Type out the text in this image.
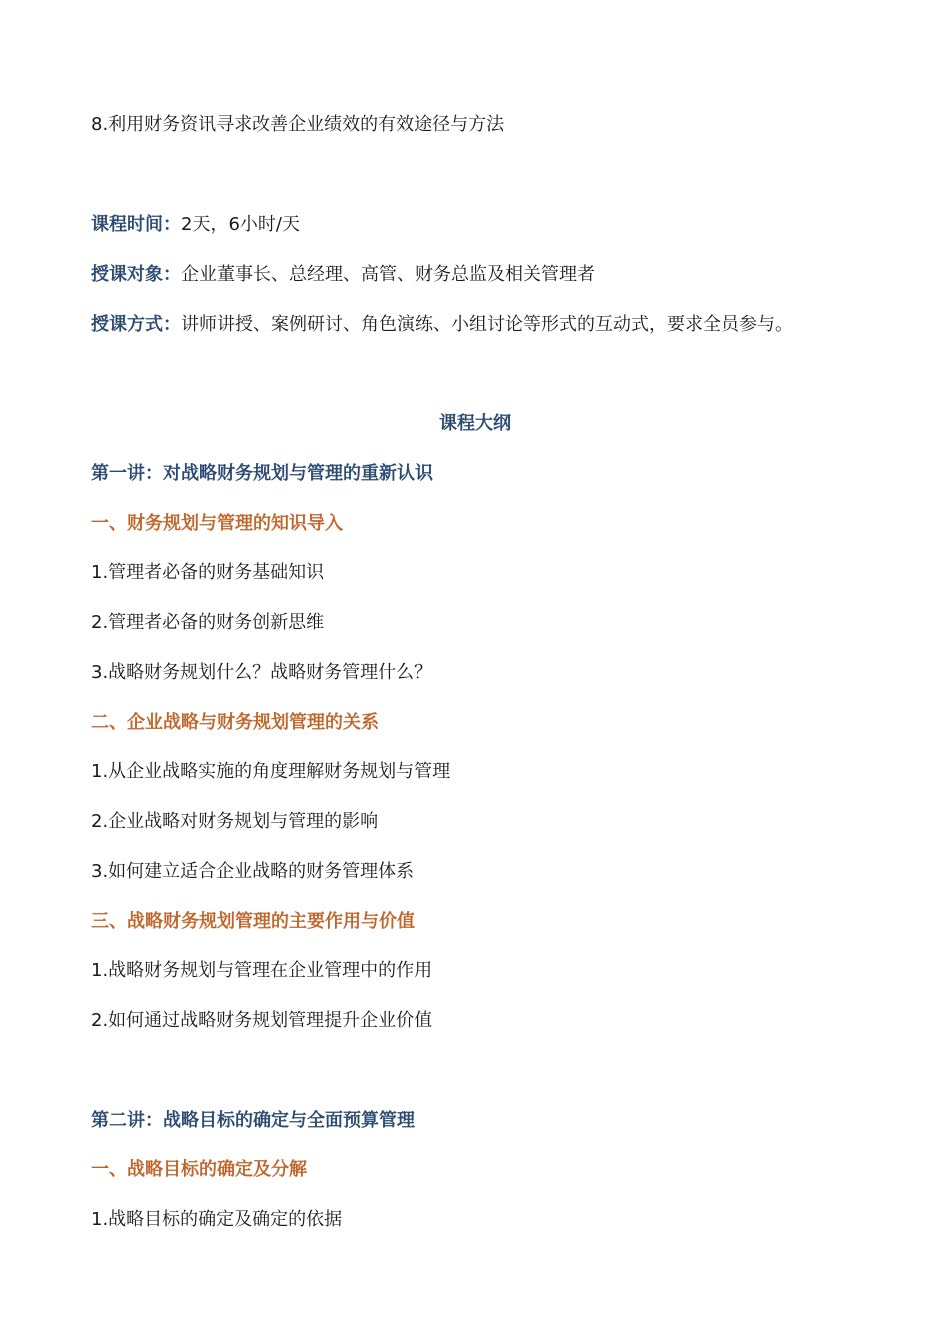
8.利用财务资讯寻求改善企业绩效的有效途径与方法
课程时间：2天，6小时/天
授课对象：企业董事长、总经理、高管、财务总监及相关管理者
授课方式：讲师讲授、案例研讨、角色演练、小组讨论等形式的互动式，要求全员参与。
课程大纲
第一讲：对战略财务规划与管理的重新认识
一、财务规划与管理的知识导入
1.管理者必备的财务基础知识
2.管理者必备的财务创新思维
3.战略财务规划什么？战略财务管理什么？
二、企业战略与财务规划管理的关系
1.从企业战略实施的角度理解财务规划与管理
2.企业战略对财务规划与管理的影响
3.如何建立适合企业战略的财务管理体系
三、战略财务规划管理的主要作用与价值
1.战略财务规划与管理在企业管理中的作用
2.如何通过战略财务规划管理提升企业价值
第二讲：战略目标的确定与全面预算管理
一、战略目标的确定及分解
1.战略目标的确定及确定的依据
